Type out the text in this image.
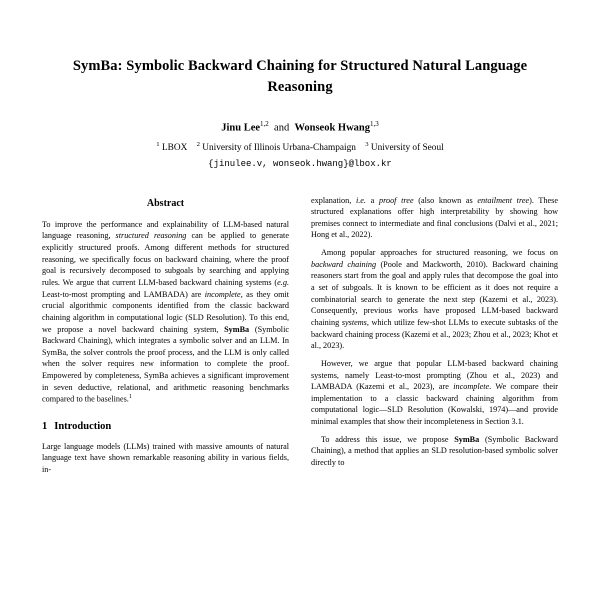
SymBa: Symbolic Backward Chaining for Structured Natural Language Reasoning
Jinu Lee$^{1,2}$ and Wonseok Hwang$^{1,3}$
$^1$ LBOX $^2$ University of Illinois Urbana-Champaign $^3$ University of Seoul
{jinulee.v, wonseok.hwang}@lbox.kr
Abstract

To improve the performance and explainability of LLM-based natural language reasoning, structured reasoning can be applied to generate explicitly structured proofs. Among different methods for structured reasoning, we specifically focus on backward chaining, where the proof goal is recursively decomposed to subgoals by searching and applying rules. We argue that current LLM-based backward chaining systems (e.g. Least-to-most prompting and LAMBADA) are incomplete, as they omit crucial algorithmic components identified from the classic backward chaining algorithm in computational logic (SLD Resolution). To this end, we propose a novel backward chaining system, SymBa (Symbolic Backward Chaining), which integrates a symbolic solver and an LLM. In SymBa, the solver controls the proof process, and the LLM is only called when the solver requires new information to complete the proof. Empowered by completeness, SymBa achieves a significant improvement in seven deductive, relational, and arithmetic reasoning benchmarks compared to the baselines.$^1$

1 Introduction

Large language models (LLMs) trained with massive amounts of natural language text have shown remarkable reasoning ability in various fields, in-

explanation, i.e. a proof tree (also known as entailment tree). These structured explanations offer high interpretability by showing how premises connect to intermediate and final conclusions (Dalvi et al., 2021; Hong et al., 2022).

Among popular approaches for structured reasoning, we focus on backward chaining (Poole and Mackworth, 2010). Backward chaining reasoners start from the goal and apply rules that decompose the goal into a set of subgoals. It is known to be efficient as it does not require a combinatorial search to generate the next step (Kazemi et al., 2023). Consequently, previous works have proposed LLM-based backward chaining systems, which utilize few-shot LLMs to execute subtasks of the backward chaining process (Kazemi et al., 2023; Zhou et al., 2023; Khot et al., 2023).

However, we argue that popular LLM-based backward chaining systems, namely Least-to-most prompting (Zhou et al., 2023) and LAMBADA (Kazemi et al., 2023), are incomplete. We compare their implementation to a classic backward chaining algorithm from computational logic—SLD Resolution (Kowalski, 1974)—and provide minimal examples that show their incompleteness in Section 3.1.

To address this issue, we propose SymBa (Symbolic Backward Chaining), a method that applies an SLD resolution-based symbolic solver directly to
